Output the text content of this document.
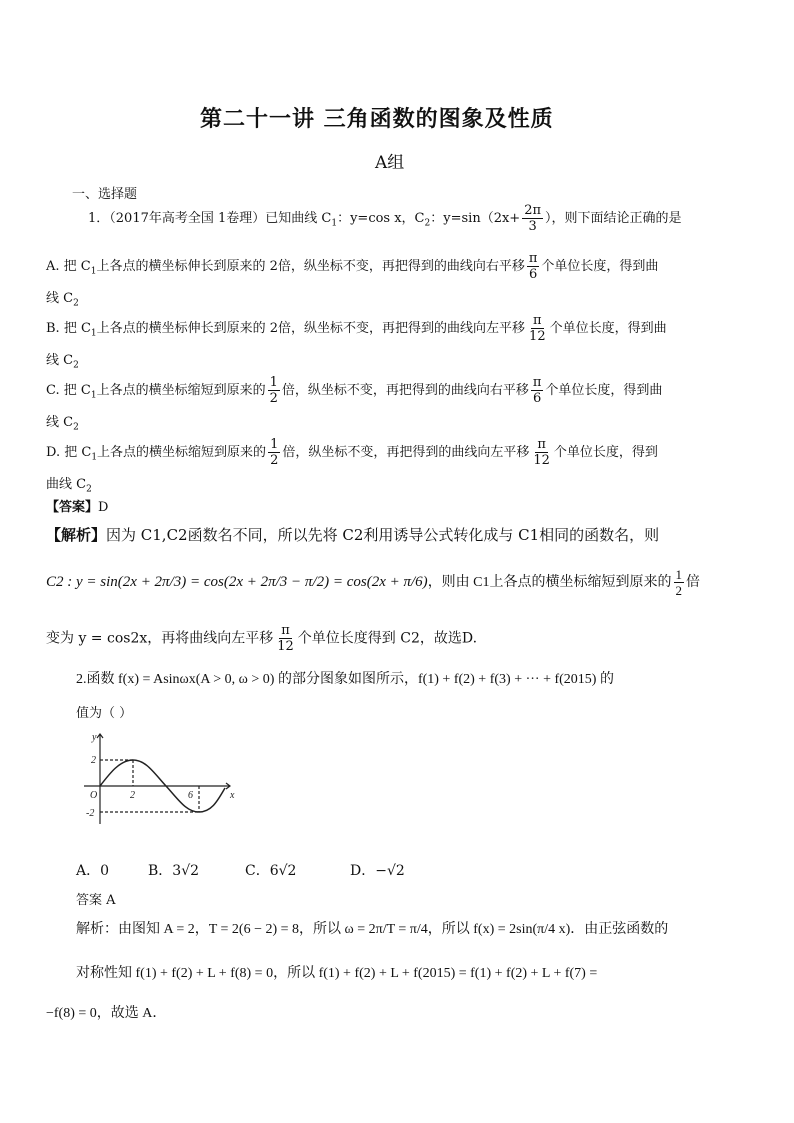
第二十一讲 三角函数的图象及性质
A组
一、选择题
1．（2017年高考全国 1卷理）已知曲线 $C_1$：y=cos x，$C_2$：$y=\sin(2x+ \frac{2\pi}{3}$ ），则下面结论正确的是
A. 把 $C_1$上各点的横坐标伸长到原来的 2倍，纵坐标不变，再把得到的曲线向右平移 $\frac{\pi}{6}$ 个单位长度，得到曲
线 $C_2$
B. 把 $C_1$上各点的横坐标伸长到原来的 2倍，纵坐标不变，再把得到的曲线向左平移 $\frac{\pi}{12}$ 个单位长度，得到曲
线 $C_2$
C. 把 $C_1$上各点的横坐标缩短到原来的 $\frac{1}{2}$ 倍，纵坐标不变，再把得到的曲线向右平移 $\frac{\pi}{6}$ 个单位长度，得到曲
线 $C_2$
D. 把 $C_1$上各点的横坐标缩短到原来的 $\frac{1}{2}$ 倍，纵坐标不变，再把得到的曲线向左平移 $\frac{\pi}{12}$ 个单位长度，得到
曲线 $C_2$
【答案】D
【解析】因为 C1,C2函数名不同，所以先将 C2利用诱导公式转化成与 C1相同的函数名，则
C2 : y = sin(2x + 2π/3) = cos(2x + 2π/3 − π/2) = cos(2x + π/6)，则由 C1上各点的横坐标缩短到原来的 $\frac{1}{2}$ 倍
变为 y = cos2x，再将曲线向左平移 $\frac{\pi}{12}$ 个单位长度得到 C2，故选D.
2.函数 f(x) = Asinωx(A > 0, ω > 0) 的部分图象如图所示，f(1) + f(2) + f(3) + ··· + f(2015) 的
值为（ ）
y
x
O	2	6
2
-2
A．0	B．3√2	C．6√2	D．−√2
答案 A
解析：由图知 A = 2，T = 2(6 − 2) = 8，所以 ω = 2π/T = π/4，所以 f(x) = 2sin(π/4 x)．由正弦函数的
对称性知 f(1) + f(2) + L + f(8) = 0，所以 f(1) + f(2) + L + f(2015) = f(1) + f(2) + L + f(7) =
−f(8) = 0，故选 A．
